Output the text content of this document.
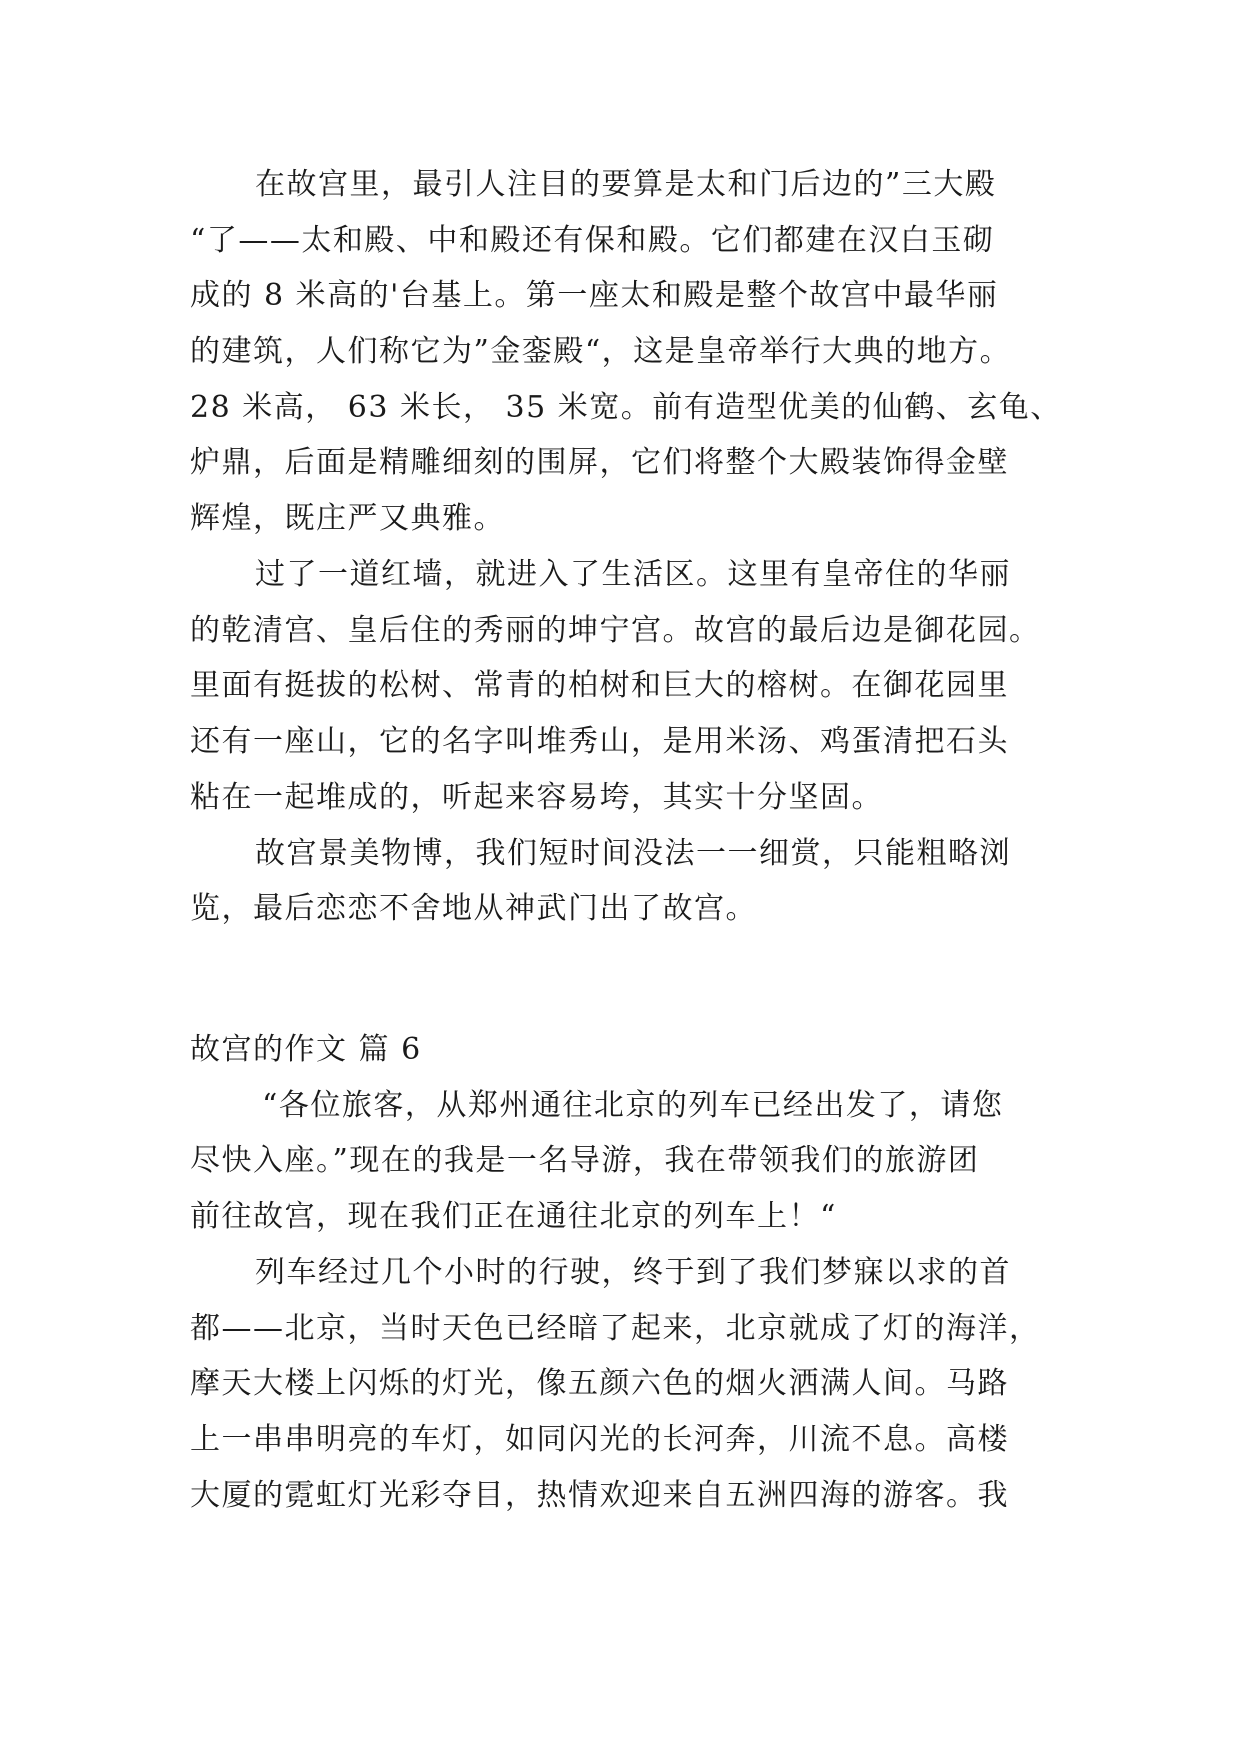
在故宫里，最引人注目的要算是太和门后边的”三大殿
“了——太和殿、中和殿还有保和殿。它们都建在汉白玉砌
成的 8 米高的'台基上。第一座太和殿是整个故宫中最华丽
的建筑，人们称它为”金銮殿“，这是皇帝举行大典的地方。
28 米高， 63 米长， 35 米宽。前有造型优美的仙鹤、玄龟、
炉鼎，后面是精雕细刻的围屏，它们将整个大殿装饰得金壁
辉煌，既庄严又典雅。
过了一道红墙，就进入了生活区。这里有皇帝住的华丽
的乾清宫、皇后住的秀丽的坤宁宫。故宫的最后边是御花园。
里面有挺拔的松树、常青的柏树和巨大的榕树。在御花园里
还有一座山，它的名字叫堆秀山，是用米汤、鸡蛋清把石头
粘在一起堆成的，听起来容易垮，其实十分坚固。
故宫景美物博，我们短时间没法一一细赏，只能粗略浏
览，最后恋恋不舍地从神武门出了故宫。
故宫的作文 篇 6
“各位旅客，从郑州通往北京的列车已经出发了，请您
尽快入座。”现在的我是一名导游，我在带领我们的旅游团
前往故宫，现在我们正在通往北京的列车上！“
列车经过几个小时的行驶，终于到了我们梦寐以求的首
都——北京，当时天色已经暗了起来，北京就成了灯的海洋，
摩天大楼上闪烁的灯光，像五颜六色的烟火洒满人间。马路
上一串串明亮的车灯，如同闪光的长河奔，川流不息。高楼
大厦的霓虹灯光彩夺目，热情欢迎来自五洲四海的游客。我
